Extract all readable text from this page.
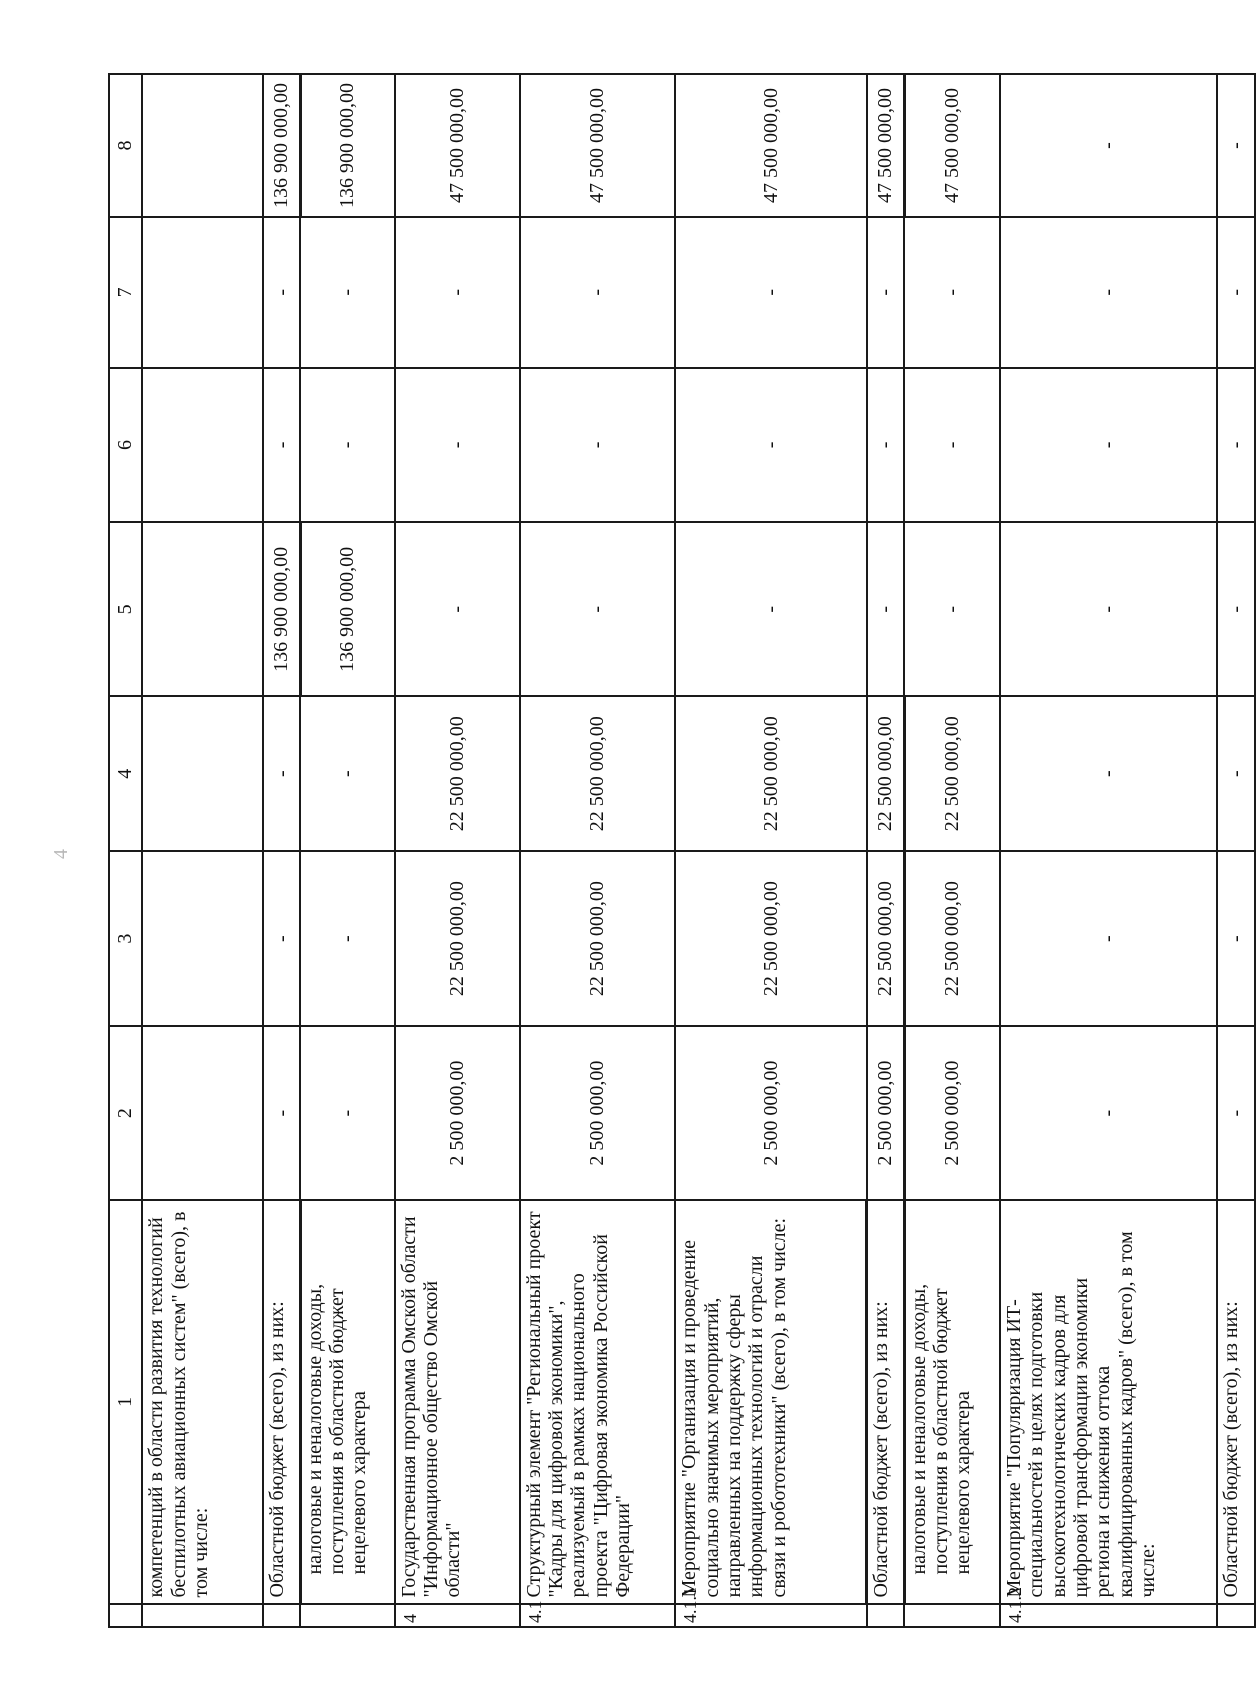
4
	1	2	3	4	5	6	7	8
	компетенций в области развития технологий беспилотных авиационных систем" (всего), в том числе:							
	Областной бюджет (всего), из них:	-	-	-	136 900 000,00	-	-	136 900 000,00
	налоговые и неналоговые доходы, поступления в областной бюджет нецелевого характера	-	-	-	136 900 000,00	-	-	136 900 000,00
4	Государственная программа Омской области "Информационное общество Омской области"	2 500 000,00	22 500 000,00	22 500 000,00	-	-	-	47 500 000,00
4.1	Структурный элемент "Региональный проект "Кадры для цифровой экономики", реализуемый в рамках национального проекта "Цифровая экономика Российской Федерации"	2 500 000,00	22 500 000,00	22 500 000,00	-	-	-	47 500 000,00
4.1.1	Мероприятие "Организация и проведение социально значимых мероприятий, направленных на поддержку сферы информационных технологий и отрасли связи и робототехники" (всего), в том числе:	2 500 000,00	22 500 000,00	22 500 000,00	-	-	-	47 500 000,00
	Областной бюджет (всего), из них:	2 500 000,00	22 500 000,00	22 500 000,00	-	-	-	47 500 000,00
	налоговые и неналоговые доходы, поступления в областной бюджет нецелевого характера	2 500 000,00	22 500 000,00	22 500 000,00	-	-	-	47 500 000,00
4.1.2	Мероприятие "Популяризация ИТ-специальностей в целях подготовки высокотехнологических кадров для цифровой трансформации экономики региона и снижения оттока квалифицированных кадров" (всего), в том числе:	-	-	-	-	-	-	-
	Областной бюджет (всего), из них:	-	-	-	-	-	-	-
